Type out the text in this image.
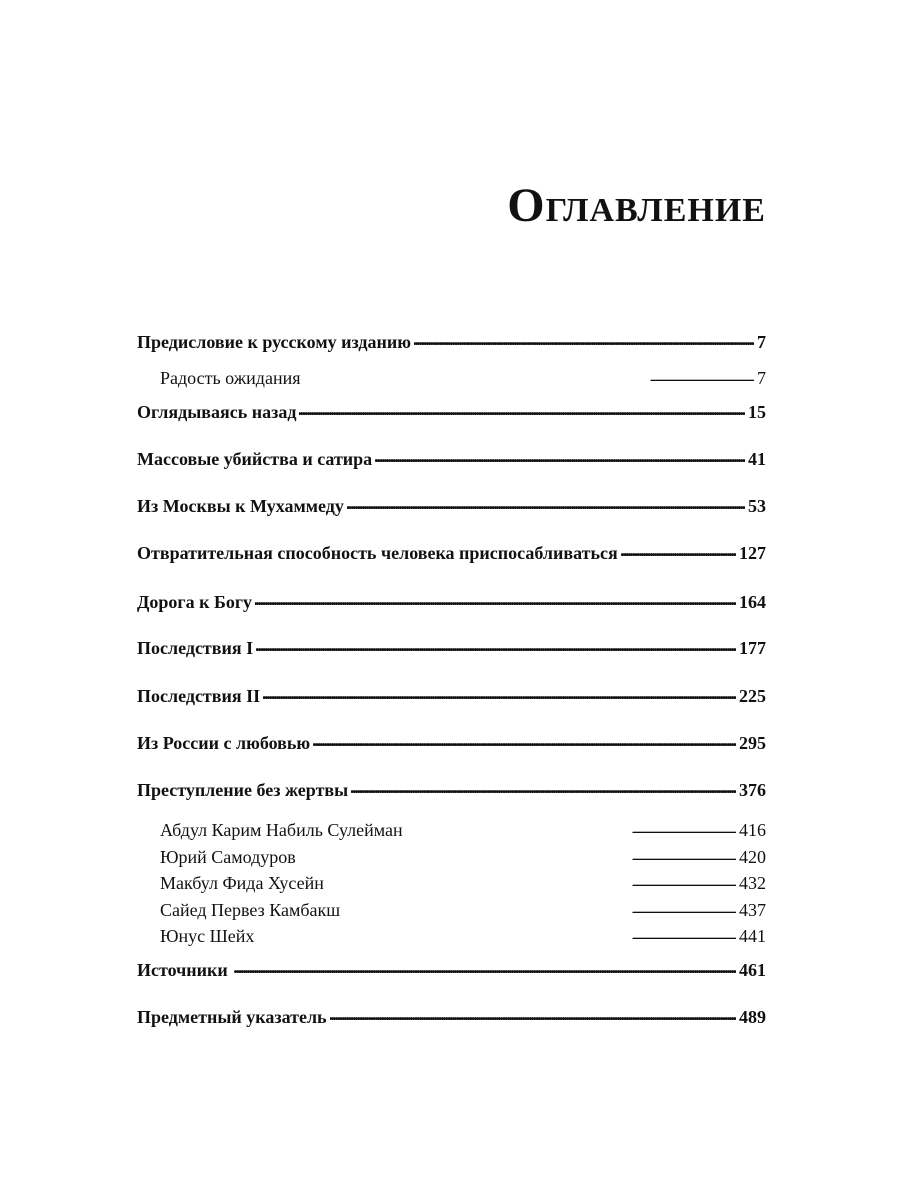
Оглавление
Предисловие к русскому изданию . . .	7
Радость ожидания . . .	7
Оглядываясь назад . . .	15
Массовые убийства и сатира . . .	41
Из Москвы к Мухаммеду . . .	53
Отвратительная способность человека приспосабливаться . . .	127
Дорога к Богу . . .	164
Последствия I . . .	177
Последствия II . . .	225
Из России с любовью . . .	295
Преступление без жертвы . . .	376
Абдул Карим Набиль Сулейман . . .	416
Юрий Самодуров . . .	420
Макбул Фида Хусейн . . .	432
Сайед Первез Камбакш . . .	437
Юнус Шейх . . .	441
Источники . . .	461
Предметный указатель . . .	489
